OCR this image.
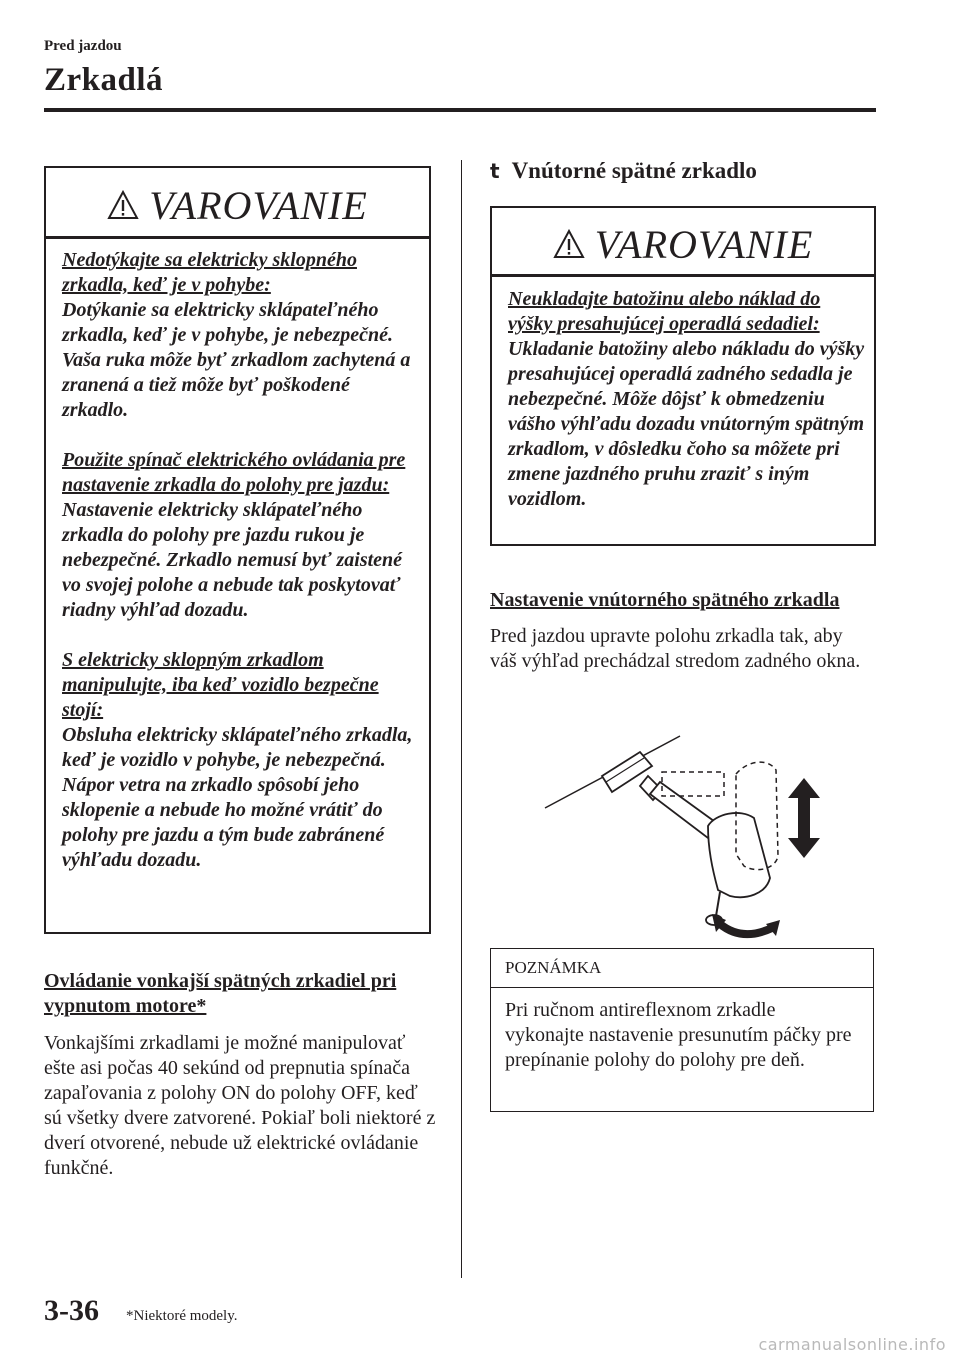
Pred jazdou
Zrkadlá
VAROVANIE

Nedotýkajte sa elektricky sklopného zrkadla, keď je v pohybe:
Dotýkanie sa elektricky sklápateľného zrkadla, keď je v pohybe, je nebezpečné. Vaša ruka môže byť zrkadlom zachytená a zranená a tiež môže byť poškodené zrkadlo.

Použite spínač elektrického ovládania pre nastavenie zrkadla do polohy pre jazdu:
Nastavenie elektricky sklápateľného zrkadla do polohy pre jazdu rukou je nebezpečné. Zrkadlo nemusí byť zaistené vo svojej polohe a nebude tak poskytovať riadny výhľad dozadu.

S elektricky sklopným zrkadlom manipulujte, iba keď vozidlo bezpečne stojí:
Obsluha elektricky sklápateľného zrkadla, keď je vozidlo v pohybe, je nebezpečná. Nápor vetra na zrkadlo spôsobí jeho sklopenie a nebude ho možné vrátiť do polohy pre jazdu a tým bude zabránené výhľadu dozadu.

Ovládanie vonkajší spätných zrkadiel pri vypnutom motore*
Vonkajšími zrkadlami je možné manipulovať ešte asi počas 40 sekúnd od prepnutia spínača zapaľovania z polohy ON do polohy OFF, keď sú všetky dvere zatvorené. Pokiaľ boli niektoré z dverí otvorené, nebude už elektrické ovládanie funkčné.
t Vnútorné spätné zrkadlo
VAROVANIE

Neukladajte batožinu alebo náklad do výšky presahujúcej operadlá sedadiel:
Ukladanie batožiny alebo nákladu do výšky presahujúcej operadlá zadného sedadla je nebezpečné. Môže dôjsť k obmedzeniu vášho výhľadu dozadu vnútorným spätným zrkadlom, v dôsledku čoho sa môžete pri zmene jazdného pruhu zraziť s iným vozidlom.

Nastavenie vnútorného spätného zrkadla
Pred jazdou upravte polohu zrkadla tak, aby váš výhľad prechádzal stredom zadného okna.
POZNÁMKA
Pri ručnom antireflexnom zrkadle vykonajte nastavenie presunutím páčky pre prepínanie polohy do polohy pre deň.
3-36 *Niektoré modely.
carmanualsonline.info
